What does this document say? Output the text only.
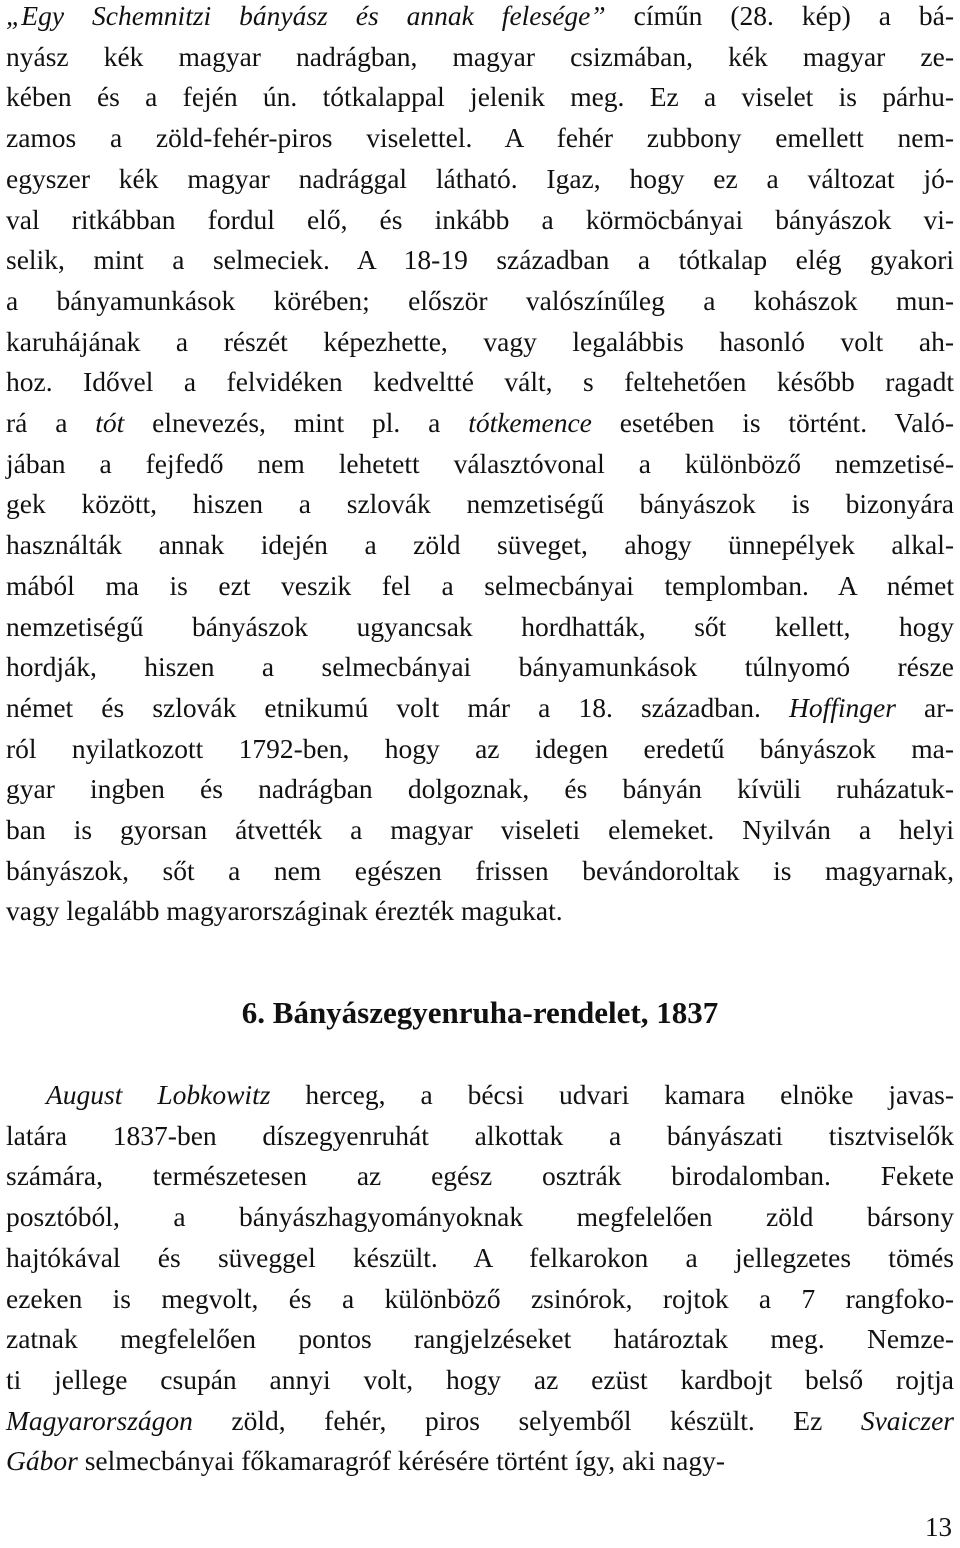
„Egy Schemnitzi bányász és annak felesége” címűn (28. kép) a bá-
nyász kék magyar nadrágban, magyar csizmában, kék magyar ze-
kében és a fején ún. tótkalappal jelenik meg. Ez a viselet is párhu-
zamos a zöld-fehér-piros viselettel. A fehér zubbony emellett nem-
egyszer kék magyar nadrággal látható. Igaz, hogy ez a változat jó-
val ritkábban fordul elő, és inkább a körmöcbányai bányászok vi-
selik, mint a selmeciek. A 18-19 században a tótkalap elég gyakori
a bányamunkások körében; először valószínűleg a kohászok mun-
karuhájának a részét képezhette, vagy legalábbis hasonló volt ah-
hoz. Idővel a felvidéken kedveltté vált, s feltehetően később ragadt
rá a tót elnevezés, mint pl. a tótkemence esetében is történt. Való-
jában a fejfedő nem lehetett választóvonal a különböző nemzetisé-
gek között, hiszen a szlovák nemzetiségű bányászok is bizonyára
használták annak idején a zöld süveget, ahogy ünnepélyek alkal-
mából ma is ezt veszik fel a selmecbányai templomban. A német
nemzetiségű bányászok ugyancsak hordhatták, sőt kellett, hogy
hordják, hiszen a selmecbányai bányamunkások túlnyomó része
német és szlovák etnikumú volt már a 18. században. Hoffinger ar-
ról nyilatkozott 1792-ben, hogy az idegen eredetű bányászok ma-
gyar ingben és nadrágban dolgoznak, és bányán kívüli ruházatuk-
ban is gyorsan átvették a magyar viseleti elemeket. Nyilván a helyi
bányászok, sőt a nem egészen frissen bevándoroltak is magyarnak,
vagy legalább magyarországinak érezték magukat.
6. Bányászegyenruha-rendelet, 1837
August Lobkowitz herceg, a bécsi udvari kamara elnöke javas-
latára 1837-ben díszegyenruhát alkottak a bányászati tisztviselők
számára, természetesen az egész osztrák birodalomban. Fekete
posztóból, a bányászhagyományoknak megfelelően zöld bársony
hajtókával és süveggel készült. A felkarokon a jellegzetes tömés
ezeken is megvolt, és a különböző zsinórok, rojtok a 7 rangfoko-
zatnak megfelelően pontos rangjelzéseket határoztak meg. Nemze-
ti jellege csupán annyi volt, hogy az ezüst kardbojt belső rojtja
Magyarországon zöld, fehér, piros selyemből készült. Ez Svaiczer
Gábor selmecbányai főkamaragróf kérésére történt így, aki nagy-
13
